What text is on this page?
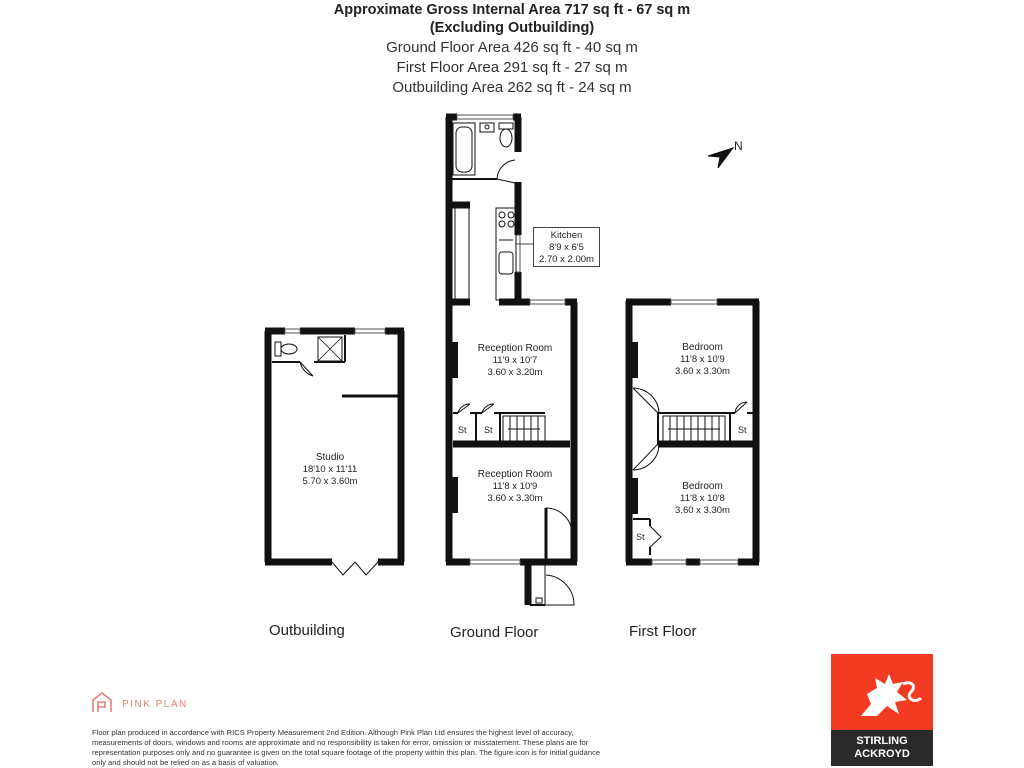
Approximate Gross Internal Area 717 sq ft - 67 sq m
(Excluding Outbuilding)
Ground Floor Area 426 sq ft - 40 sq m
First Floor Area 291 sq ft - 27 sq m
Outbuilding Area 262 sq ft - 24 sq m
N
Kitchen
8'9 x 6'5
2.70 x 2.00m
Reception Room
11'9 x 10'7
3.60 x 3.20m
Reception Room
11'8 x 10'9
3.60 x 3.30m
Studio
18'10 x 11'11
5.70 x 3.60m
Bedroom
11'8 x 10'9
3.60 x 3.30m
Bedroom
11'8 x 10'8
3.60 x 3.30m
St St	St
St
Outbuilding	Ground Floor	First Floor
PINK PLAN
Floor plan produced in accordance with RICS Property Measurement 2nd Edition. Although Pink Plan Ltd ensures the highest level of accuracy, measurements of doors, windows and rooms are approximate and no responsibility is taken for error, omission or misstatement. These plans are for representation purposes only and no guarantee is given on the total square footage of the property within this plan. The figure icon is for initial guidance only and should not be relied on as a basis of valuation.
STIRLING
ACKROYD
